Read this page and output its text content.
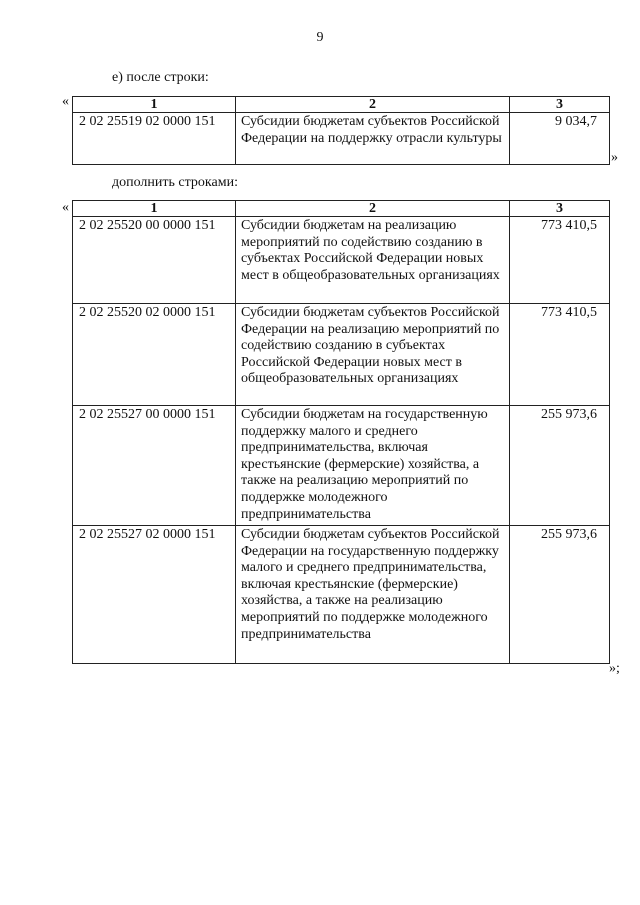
9
е) после строки:
«	1	2	3
2 02 25519 02 0000 151	Субсидии бюджетам субъектов Российской Федерации на поддержку отрасли культуры	9 034,7
»
дополнить строками:
«	1	2	3
2 02 25520 00 0000 151	Субсидии бюджетам на реализацию мероприятий по содействию созданию в субъектах Российской Федерации новых мест в общеобразовательных организациях	773 410,5
2 02 25520 02 0000 151	Субсидии бюджетам субъектов Российской Федерации на реализацию мероприятий по содействию созданию в субъектах Российской Федерации новых мест в общеобразовательных организациях	773 410,5
2 02 25527 00 0000 151	Субсидии бюджетам на государственную поддержку малого и среднего предпринимательства, включая крестьянские (фермерские) хозяйства, а также на реализацию мероприятий по поддержке молодежного предпринимательства	255 973,6
2 02 25527 02 0000 151	Субсидии бюджетам субъектов Российской Федерации на государственную поддержку малого и среднего предпринимательства, включая крестьянские (фермерские) хозяйства, а также на реализацию мероприятий по поддержке молодежного предпринимательства	255 973,6
»;
